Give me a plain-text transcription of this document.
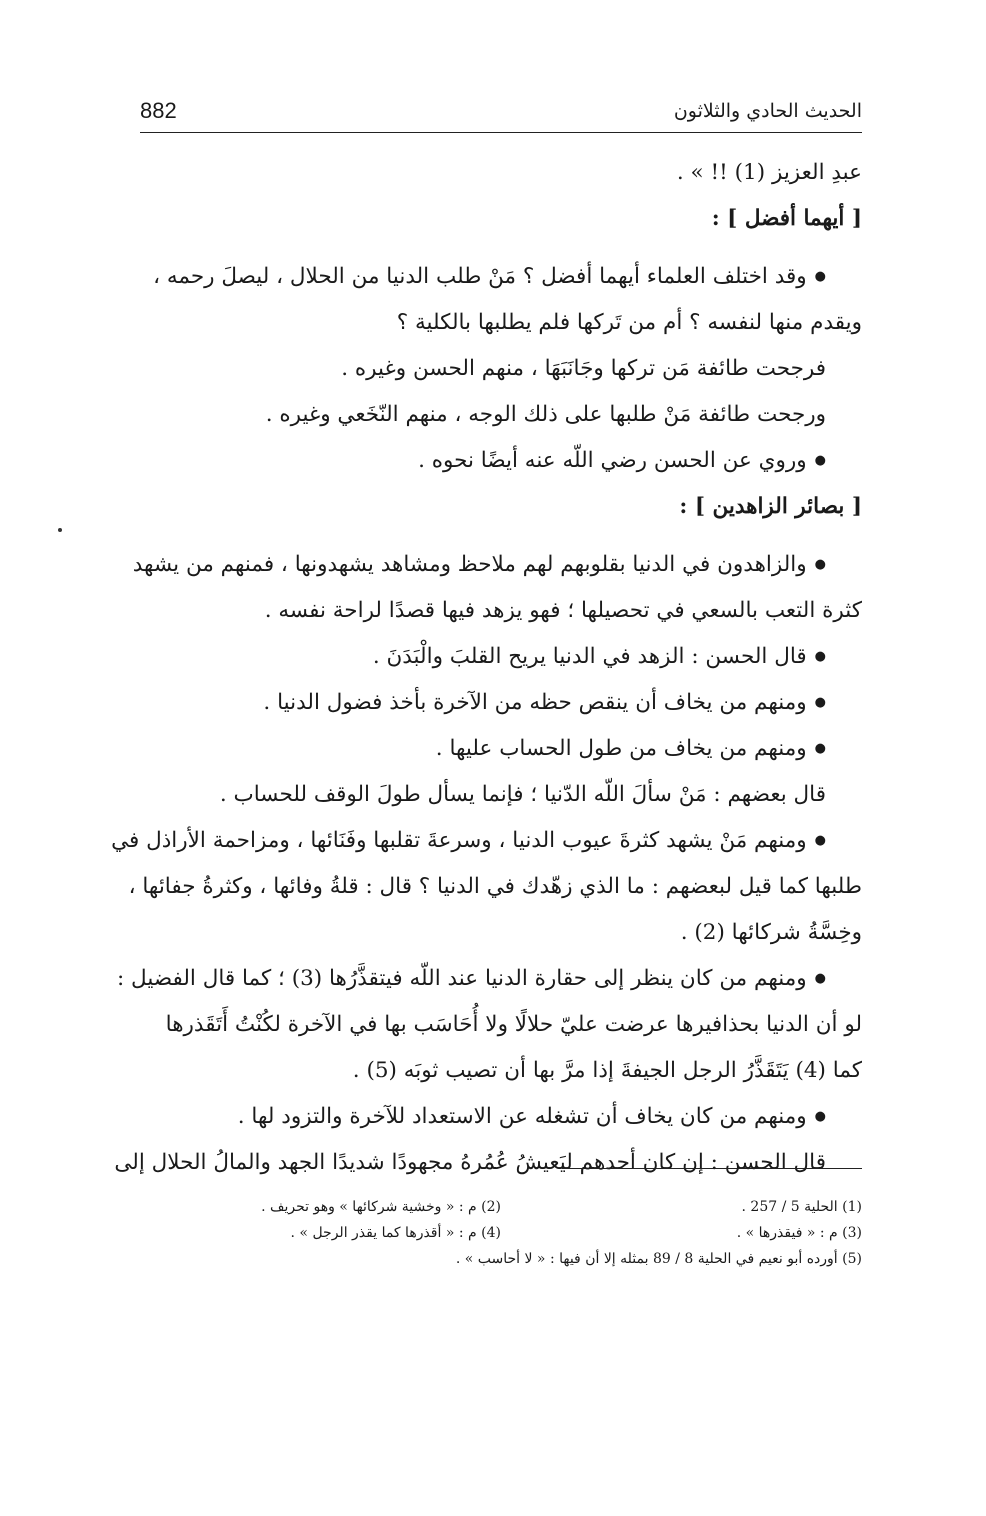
882	الحديث الحادي والثلاثون
عبدِ العزيز (1) !! » .
[ أيهما أفضل ] :
● وقد اختلف العلماء أيهما أفضل ؟ مَنْ طلب الدنيا من الحلال ، ليصلَ رحمه ،
ويقدم منها لنفسه ؟ أم من تَركها فلم يطلبها بالكلية ؟
فرجحت طائفة مَن تركها وجَانَبَهَا ، منهم الحسن وغيره .
ورجحت طائفة مَنْ طلبها على ذلك الوجه ، منهم النّخَعي وغيره .
● وروي عن الحسن رضي اللّه عنه أيضًا نحوه .
[ بصائر الزاهدين ] :
● والزاهدون في الدنيا بقلوبهم لهم ملاحظ ومشاهد يشهدونها ، فمنهم من يشهد
كثرة التعب بالسعي في تحصيلها ؛ فهو يزهد فيها قصدًا لراحة نفسه .
● قال الحسن : الزهد في الدنيا يريح القلبَ والْبَدَنَ .
● ومنهم من يخاف أن ينقص حظه من الآخرة بأخذ فضول الدنيا .
● ومنهم من يخاف من طول الحساب عليها .
قال بعضهم : مَنْ سألَ اللّه الدّنيا ؛ فإنما يسأل طولَ الوقف للحساب .
● ومنهم مَنْ يشهد كثرةَ عيوب الدنيا ، وسرعةَ تقلبها وفَنَائها ، ومزاحمة الأراذل في
طلبها كما قيل لبعضهم : ما الذي زهّدك في الدنيا ؟ قال : قلةُ وفائها ، وكثرةُ جفائها ،
وخِسَّةُ شركائها (2) .
● ومنهم من كان ينظر إلى حقارة الدنيا عند اللّه فيتقذَّرُها (3) ؛ كما قال الفضيل :
لو أن الدنيا بحذافيرها عرضت عليّ حلالًا ولا أُحَاسَب بها في الآخرة لكُنْتُ أَتَقَذرها
كما (4) يَتَقَذَّرُ الرجل الجيفةَ إذا مرَّ بها أن تصيب ثوبَه (5) .
● ومنهم من كان يخاف أن تشغله عن الاستعداد للآخرة والتزود لها .
قال الحسن : إن كان أحدهم ليَعيشُ عُمُرهُ مجهودًا شديدًا الجهد والمالُ الحلال إلى
(1) الحلية 5 / 257 .
(2) م : « وخشية شركائها » وهو تحريف .
(3) م : « فيقذرها » .
(4) م : « أقذرها كما يقذر الرجل » .
(5) أورده أبو نعيم في الحلية 8 / 89 بمثله إلا أن فيها : « لا أحاسب » .
